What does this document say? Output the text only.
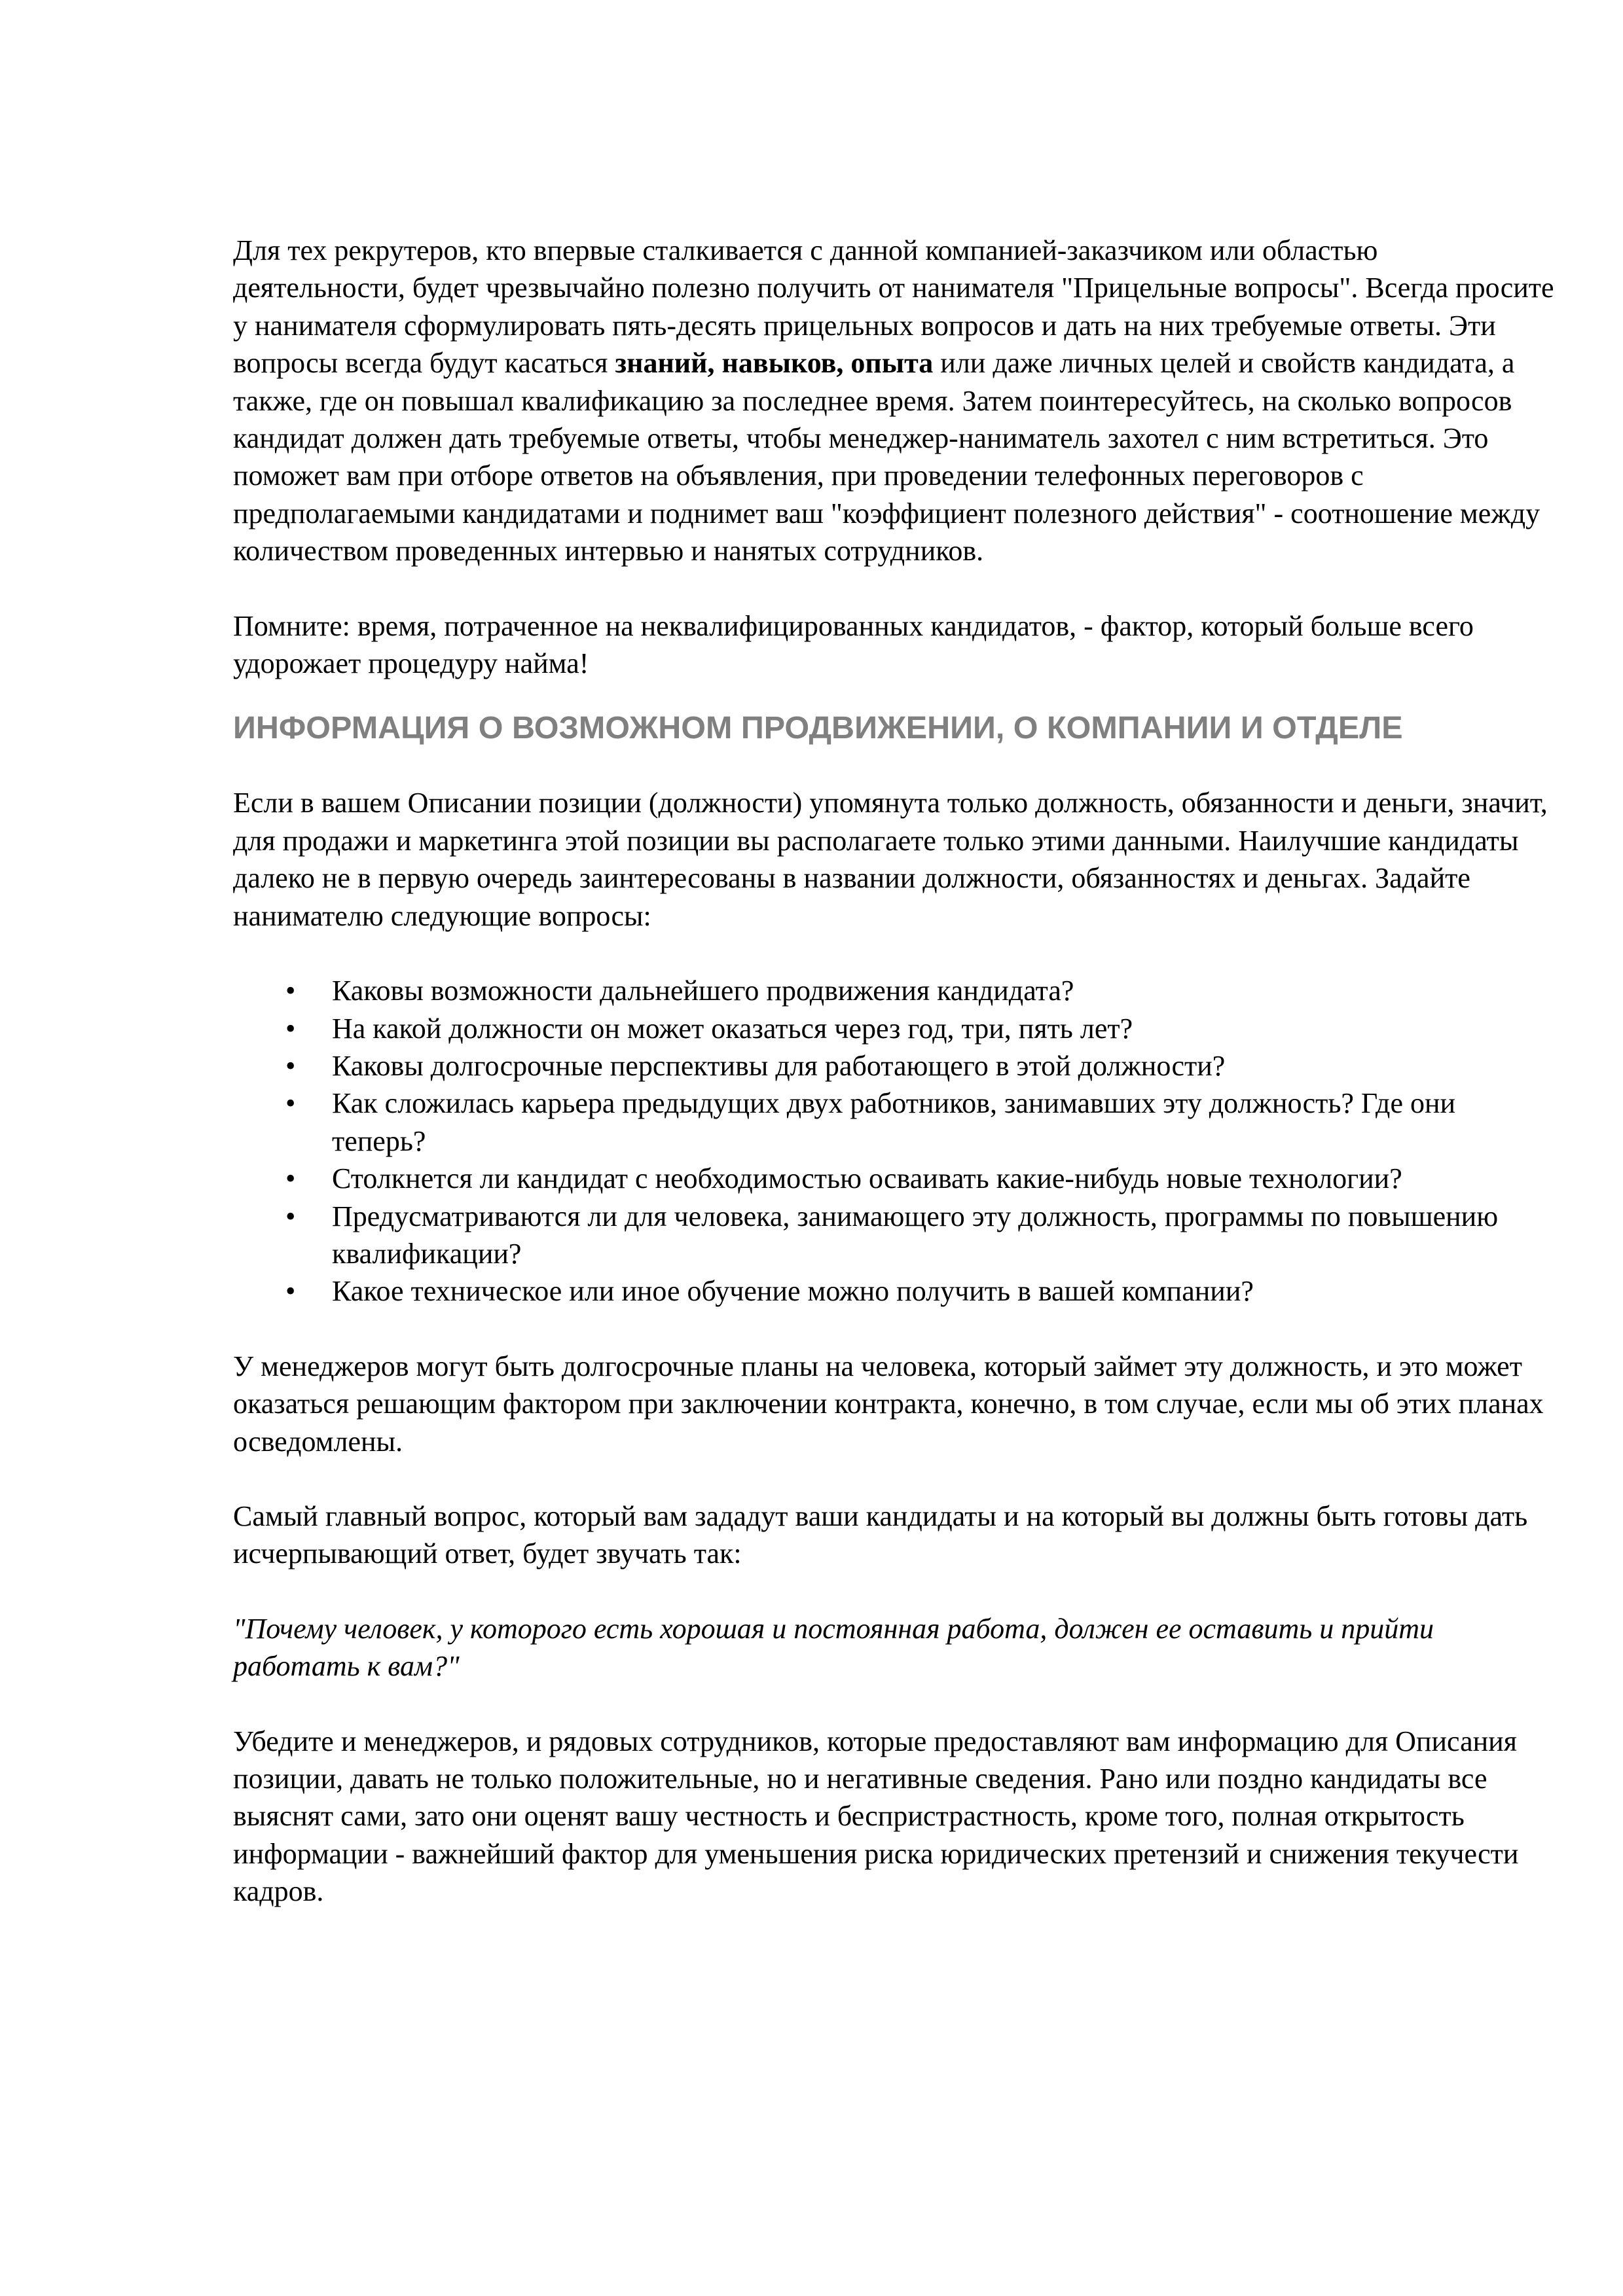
Для тех рекрутеров, кто впервые сталкивается с данной компанией-заказчиком или областью деятельности, будет чрезвычайно полезно получить от нанимателя "Прицельные вопросы". Всегда просите у нанимателя сформулировать пять-десять прицельных вопросов и дать на них требуемые ответы. Эти вопросы всегда будут касаться знаний, навыков, опыта или даже личных целей и свойств кандидата, а также, где он повышал квалификацию за последнее время. Затем поинтересуйтесь, на сколько вопросов кандидат должен дать требуемые ответы, чтобы менеджер-наниматель захотел с ним встретиться. Это поможет вам при отборе ответов на объявления, при проведении телефонных переговоров с предполагаемыми кандидатами и поднимет ваш "коэффициент полезного действия" - соотношение между количеством проведенных интервью и нанятых сотрудников.

Помните: время, потраченное на неквалифицированных кандидатов, - фактор, который больше всего удорожает процедуру найма!

ИНФОРМАЦИЯ О ВОЗМОЖНОМ ПРОДВИЖЕНИИ, О КОМПАНИИ И ОТДЕЛЕ

Если в вашем Описании позиции (должности) упомянута только должность, обязанности и деньги, значит, для продажи и маркетинга этой позиции вы располагаете только этими данными. Наилучшие кандидаты далеко не в первую очередь заинтересованы в названии должности, обязанностях и деньгах. Задайте нанимателю следующие вопросы:

•	Каковы возможности дальнейшего продвижения кандидата?
•	На какой должности он может оказаться через год, три, пять лет?
•	Каковы долгосрочные перспективы для работающего в этой должности?
•	Как сложилась карьера предыдущих двух работников, занимавших эту должность? Где они теперь?
•	Столкнется ли кандидат с необходимостью осваивать какие-нибудь новые технологии?
•	Предусматриваются ли для человека, занимающего эту должность, программы по повышению квалификации?
•	Какое техническое или иное обучение можно получить в вашей компании?

У менеджеров могут быть долгосрочные планы на человека, который займет эту должность, и это может оказаться решающим фактором при заключении контракта, конечно, в том случае, если мы об этих планах осведомлены.

Самый главный вопрос, который вам зададут ваши кандидаты и на который вы должны быть готовы дать исчерпывающий ответ, будет звучать так:

"Почему человек, у которого есть хорошая и постоянная работа, должен ее оставить и прийти работать к вам?"

Убедите и менеджеров, и рядовых сотрудников, которые предоставляют вам информацию для Описания позиции, давать не только положительные, но и негативные сведения. Рано или поздно кандидаты все выяснят сами, зато они оценят вашу честность и беспристрастность, кроме того, полная открытость информации - важнейший фактор для уменьшения риска юридических претензий и снижения текучести кадров.
